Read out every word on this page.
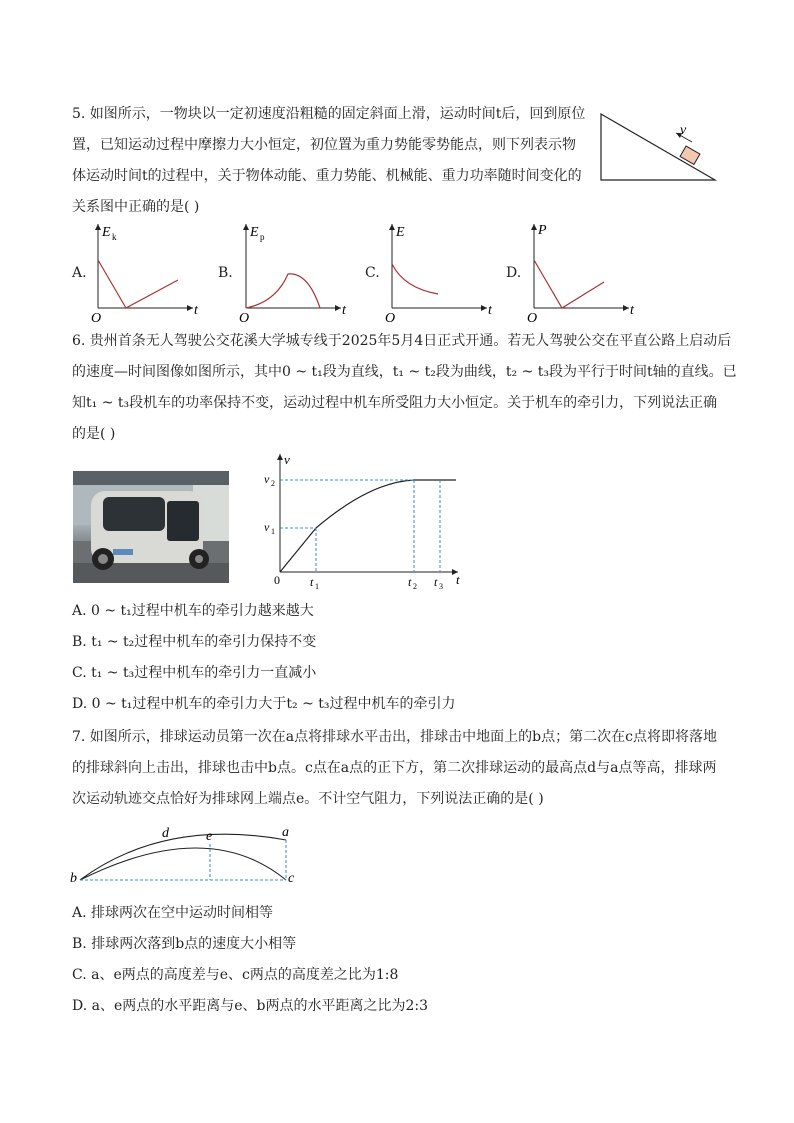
5. 如图所示，一物块以一定初速度沿粗糙的固定斜面上滑，运动时间t后，回到原位
置，已知运动过程中摩擦力大小恒定，初位置为重力势能零势能点，则下列表示物
体运动时间t的过程中，关于物体动能、重力势能、机械能、重力功率随时间变化的
关系图中正确的是( )
v
A.
E k
t
O
B.
E p
t
O
C.
E
t
O
D.
P
t
O
6. 贵州首条无人驾驶公交花溪大学城专线于2025年5月4日正式开通。若无人驾驶公交在平直公路上启动后
的速度—时间图像如图所示，其中0 ~ t₁段为直线，t₁ ~ t₂段为曲线，t₂ ~ t₃段为平行于时间t轴的直线。已
知t₁ ~ t₃段机车的功率保持不变，运动过程中机车所受阻力大小恒定。关于机车的牵引力，下列说法正确
的是( )
v
t
v 2
v 1
0	t 1	t 2 t 3
A. 0 ~ t₁过程中机车的牵引力越来越大
B. t₁ ~ t₂过程中机车的牵引力保持不变
C. t₁ ~ t₃过程中机车的牵引力一直减小
D. 0 ~ t₁过程中机车的牵引力大于t₂ ~ t₃过程中机车的牵引力
7. 如图所示，排球运动员第一次在a点将排球水平击出，排球击中地面上的b点；第二次在c点将即将落地
的排球斜向上击出，排球也击中b点。c点在a点的正下方，第二次排球运动的最高点d与a点等高，排球两
次运动轨迹交点恰好为排球网上端点e。不计空气阻力，下列说法正确的是( )
d	e	a
b	c
A. 排球两次在空中运动时间相等
B. 排球两次落到b点的速度大小相等
C. a、e两点的高度差与e、c两点的高度差之比为1:8
D. a、e两点的水平距离与e、b两点的水平距离之比为2:3
